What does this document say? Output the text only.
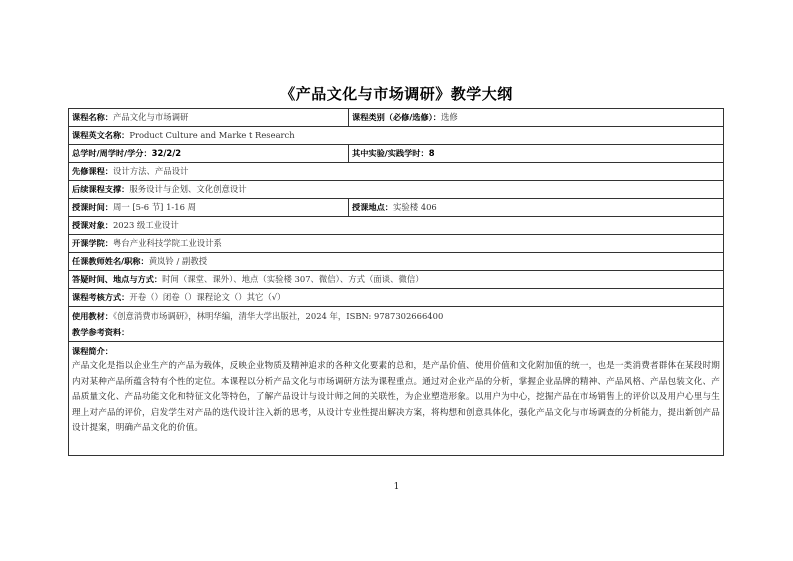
《产品文化与市场调研》教学大纲
课程名称：产品文化与市场调研	课程类别（必修/选修）：选修
课程英文名称：Product Culture and Marke t Research	
总学时/周学时/学分：32/2/2	其中实验/实践学时：8
先修课程：设计方法、产品设计	
后续课程支撑：服务设计与企划、文化创意设计	
授课时间：周一 [5-6 节] 1-16 周	授课地点：实验楼 406
授课对象：2023 级工业设计	
开课学院：粤台产业科技学院工业设计系	
任课教师姓名/职称：黄岚铃 / 副教授	
答疑时间、地点与方式：时间（课堂、课外）、地点（实验楼 307、微信）、方式（面谈、微信）	
课程考核方式：开卷（）闭卷（）课程论文（）其它（√）	

使用教材：《创意消费市场调研》，林明华编，清华大学出版社，2024 年，ISBN: 9787302666400
教学参考资料：	

课程简介：
产品文化是指以企业生产的产品为载体，反映企业物质及精神追求的各种文化要素的总和，是产品价值、使用价值和文化附加值的统一，也是一类消费者群体在某段时期内对某种产品所蕴含特有个性的定位。本课程以分析产品文化与市场调研方法为课程重点。通过对企业产品的分析，掌握企业品牌的精神、产品风格、产品包装文化、产品质量文化、产品功能文化和特征文化等特色，了解产品设计与设计师之间的关联性，为企业塑造形象。以用户为中心，挖掘产品在市场销售上的评价以及用户心里与生理上对产品的评价，启发学生对产品的迭代设计注入新的思考，从设计专业性提出解决方案，将构想和创意具体化，强化产品文化与市场调查的分析能力，提出新创产品设计提案，明确产品文化的价值。	
1
